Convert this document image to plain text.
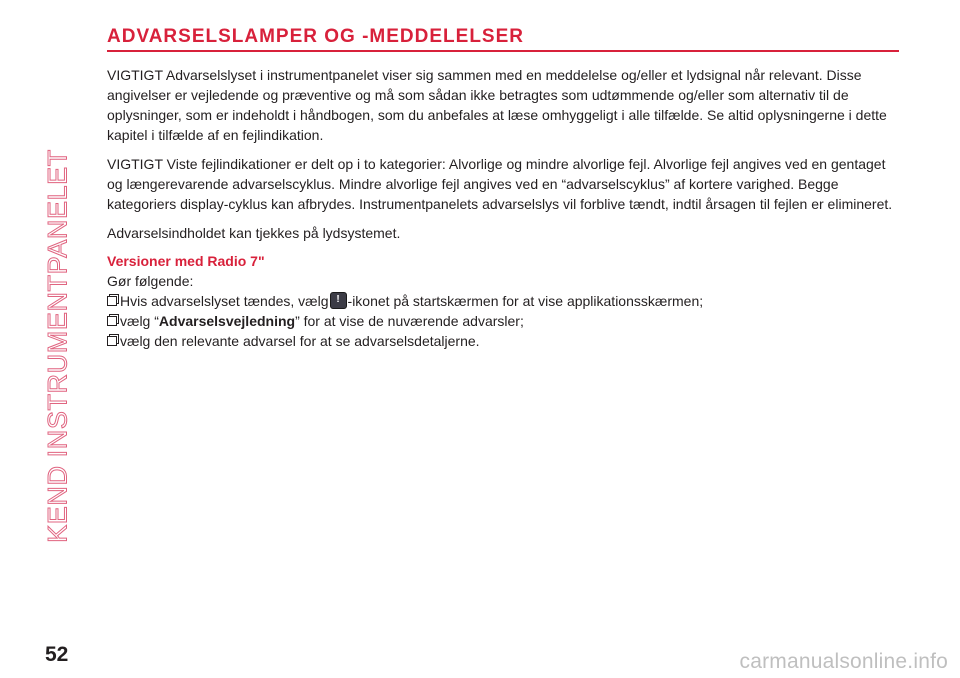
KEND INSTRUMENTPANELET
ADVARSELSLAMPER OG -MEDDELELSER

VIGTIGT Advarselslyset i instrumentpanelet viser sig sammen med en meddelelse og/eller et lydsignal når relevant. Disse angivelser er vejledende og præventive og må som sådan ikke betragtes som udtømmende og/eller som alternativ til de oplysninger, som er indeholdt i håndbogen, som du anbefales at læse omhyggeligt i alle tilfælde. Se altid oplysningerne i dette kapitel i tilfælde af en fejlindikation.

VIGTIGT Viste fejlindikationer er delt op i to kategorier: Alvorlige og mindre alvorlige fejl. Alvorlige fejl angives ved en gentaget og længerevarende advarselscyklus. Mindre alvorlige fejl angives ved en “advarselscyklus” af kortere varighed. Begge kategoriers display-cyklus kan afbrydes. Instrumentpanelets advarselslys vil forblive tændt, indtil årsagen til fejlen er elimineret.

Advarselsindholdet kan tjekkes på lydsystemet.

Versioner med Radio 7"

Gør følgende:

Hvis advarselslyset tændes, vælg! -ikonet på startskærmen for at vise applikationsskærmen;
vælg “Advarselsvejledning” for at vise de nuværende advarsler;
vælg den relevante advarsel for at se advarselsdetaljerne.
52	carmanualsonline.info
